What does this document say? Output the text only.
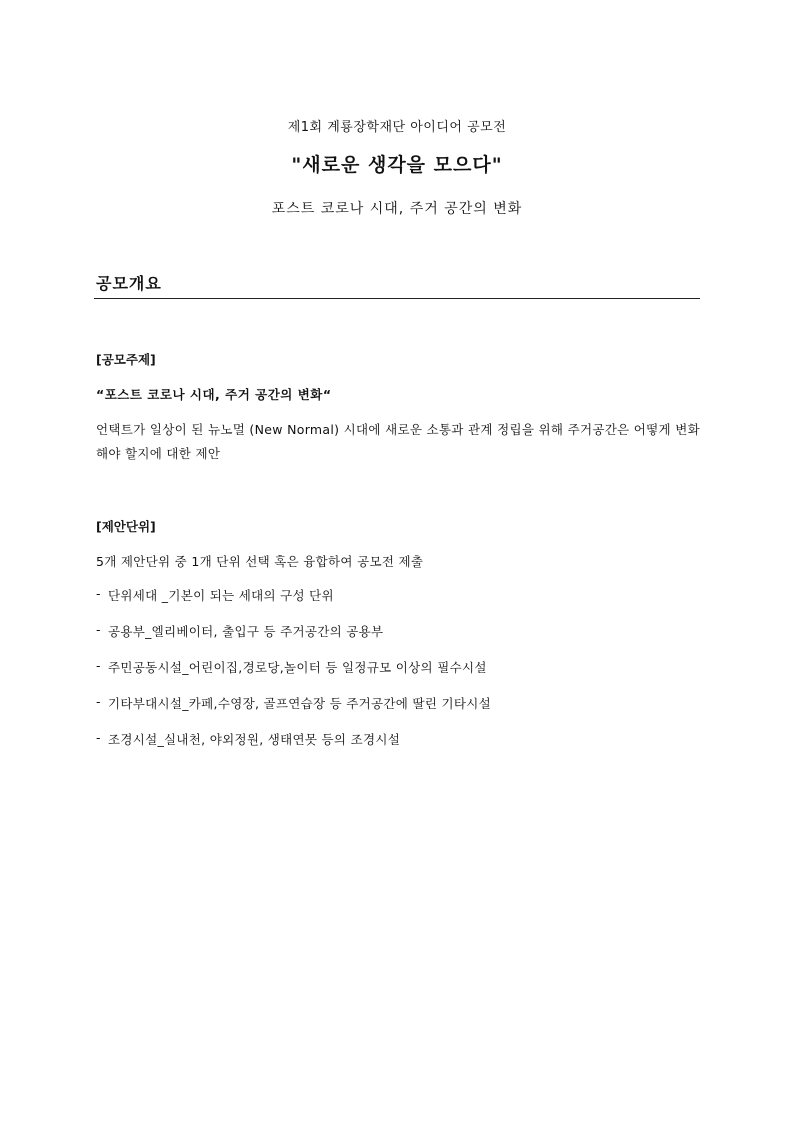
제1회 계룡장학재단 아이디어 공모전
"새로운 생각을 모으다"
포스트 코로나 시대, 주거 공간의 변화
공모개요
[공모주제]
“포스트 코로나 시대, 주거 공간의 변화“
언택트가 일상이 된 뉴노멀 (New Normal) 시대에 새로운 소통과 관계 정립을 위해 주거공간은 어떻게 변화해야 할지에 대한 제안
[제안단위]
5개 제안단위 중 1개 단위 선택 혹은 융합하여 공모전 제출
- 단위세대 _기본이 되는 세대의 구성 단위
- 공용부_엘리베이터, 출입구 등 주거공간의 공용부
- 주민공동시설_어린이집,경로당,놀이터 등 일정규모 이상의 필수시설
- 기타부대시설_카페,수영장, 골프연습장 등 주거공간에 딸린 기타시설
- 조경시설_실내천, 야외정원, 생태연못 등의 조경시설
